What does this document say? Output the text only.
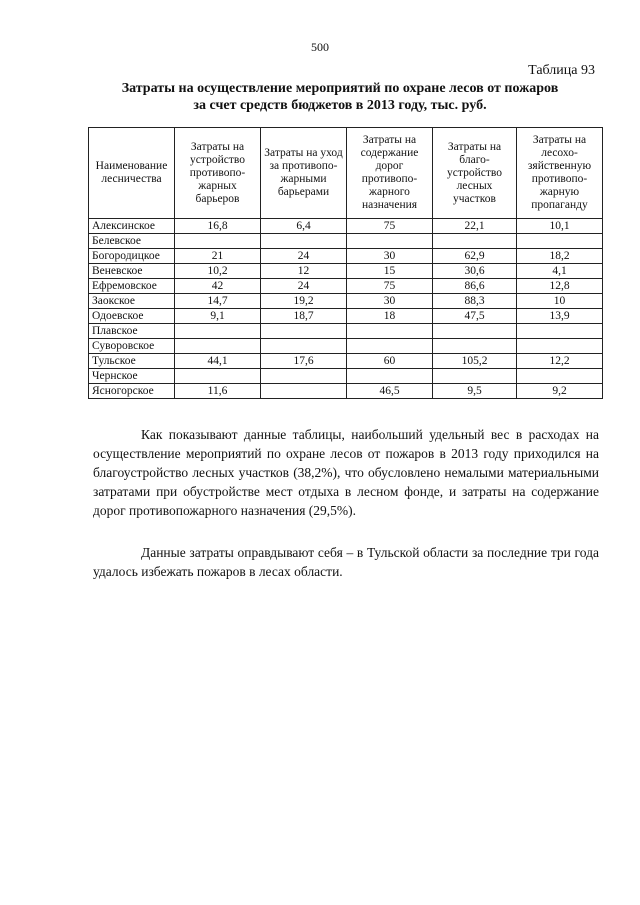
500
Таблица 93
Затраты на осуществление мероприятий по охране лесов от пожаров
за счет средств бюджетов в 2013 году, тыс. руб.
Наименование лесничества	Затраты на устройство противопо-жарных барьеров	Затраты на уход за противопо-жарными барьерами	Затраты на содержание дорог противопо-жарного назначения	Затраты на благо-устройство лесных участков	Затраты на лесохо-зяйственную противопо-жарную пропаганду
Алексинское	16,8	6,4	75	22,1	10,1
Белевское					
Богородицкое	21	24	30	62,9	18,2
Веневское	10,2	12	15	30,6	4,1
Ефремовское	42	24	75	86,6	12,8
Заокское	14,7	19,2	30	88,3	10
Одоевское	9,1	18,7	18	47,5	13,9
Плавское					
Суворовское					
Тульское	44,1	17,6	60	105,2	12,2
Чернское					
Ясногорское	11,6		46,5	9,5	9,2

Как показывают данные таблицы, наибольший удельный вес в расходах на осуществление мероприятий по охране лесов от пожаров в 2013 году приходился на благоустройство лесных участков (38,2%), что обусловлено немалыми материальными затратами при обустройстве мест отдыха в лесном фонде, и затраты на содержание дорог противопожарного назначения (29,5%).

Данные затраты оправдывают себя – в Тульской области за последние три года удалось избежать пожаров в лесах области.
